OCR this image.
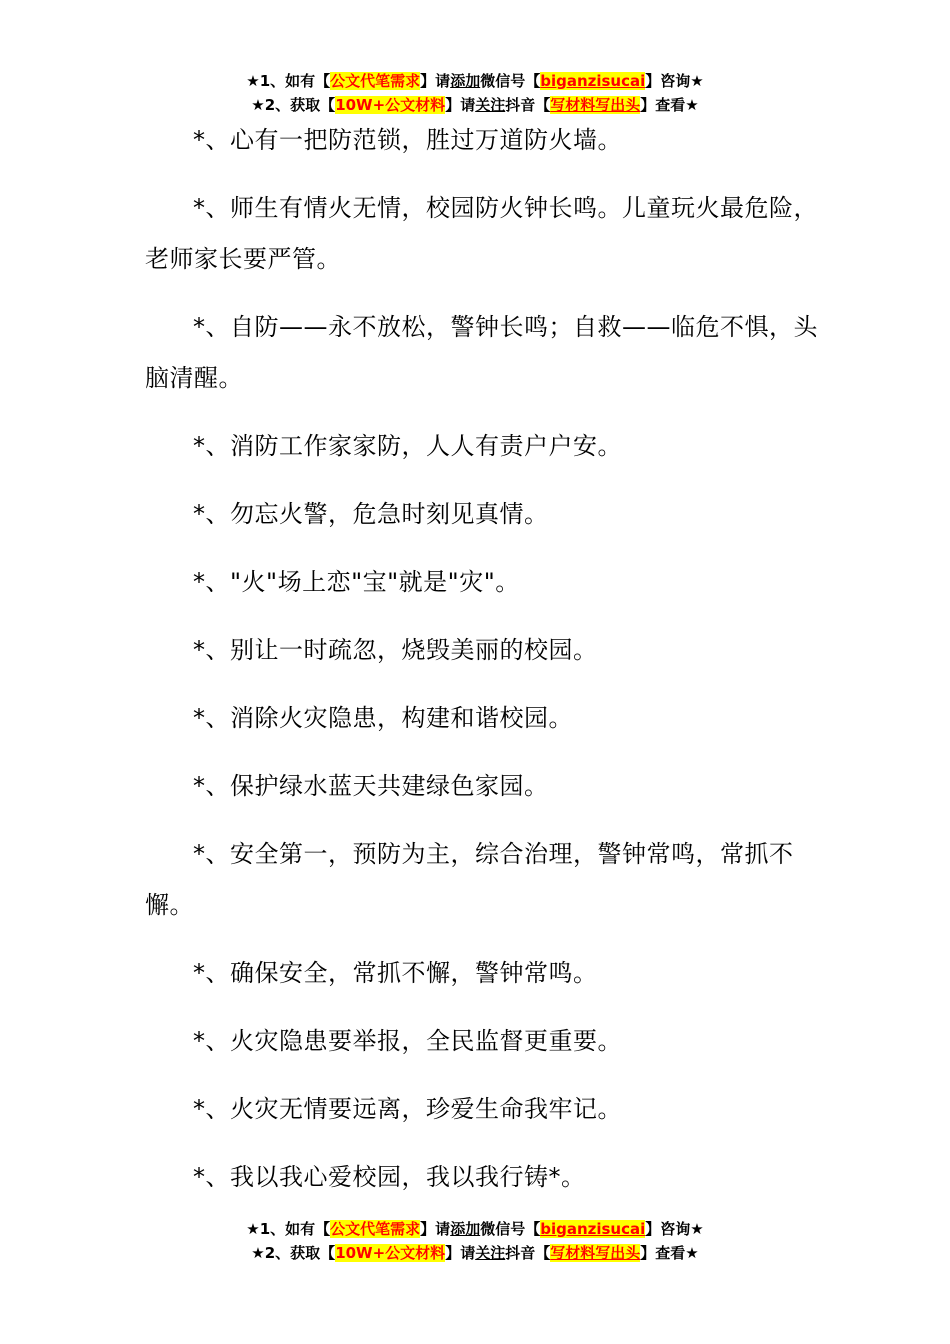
★1、如有【公文代笔需求】请添加微信号【biganzisucai】咨询★
★2、获取【10W+公文材料】请关注抖音【写材料写出头】查看★

*、心有一把防范锁，胜过万道防火墙。

*、师生有情火无情，校园防火钟长鸣。儿童玩火最危险，老师家长要严管。

*、自防——永不放松，警钟长鸣；自救——临危不惧，头脑清醒。

*、消防工作家家防，人人有责户户安。

*、勿忘火警，危急时刻见真情。

*、"火"场上恋"宝"就是"灾"。

*、别让一时疏忽，烧毁美丽的校园。

*、消除火灾隐患，构建和谐校园。

*、保护绿水蓝天共建绿色家园。

*、安全第一，预防为主，综合治理，警钟常鸣，常抓不懈。

*、确保安全，常抓不懈，警钟常鸣。

*、火灾隐患要举报，全民监督更重要。

*、火灾无情要远离，珍爱生命我牢记。

*、我以我心爱校园，我以我行铸*。

★1、如有【公文代笔需求】请添加微信号【biganzisucai】咨询★
★2、获取【10W+公文材料】请关注抖音【写材料写出头】查看★
